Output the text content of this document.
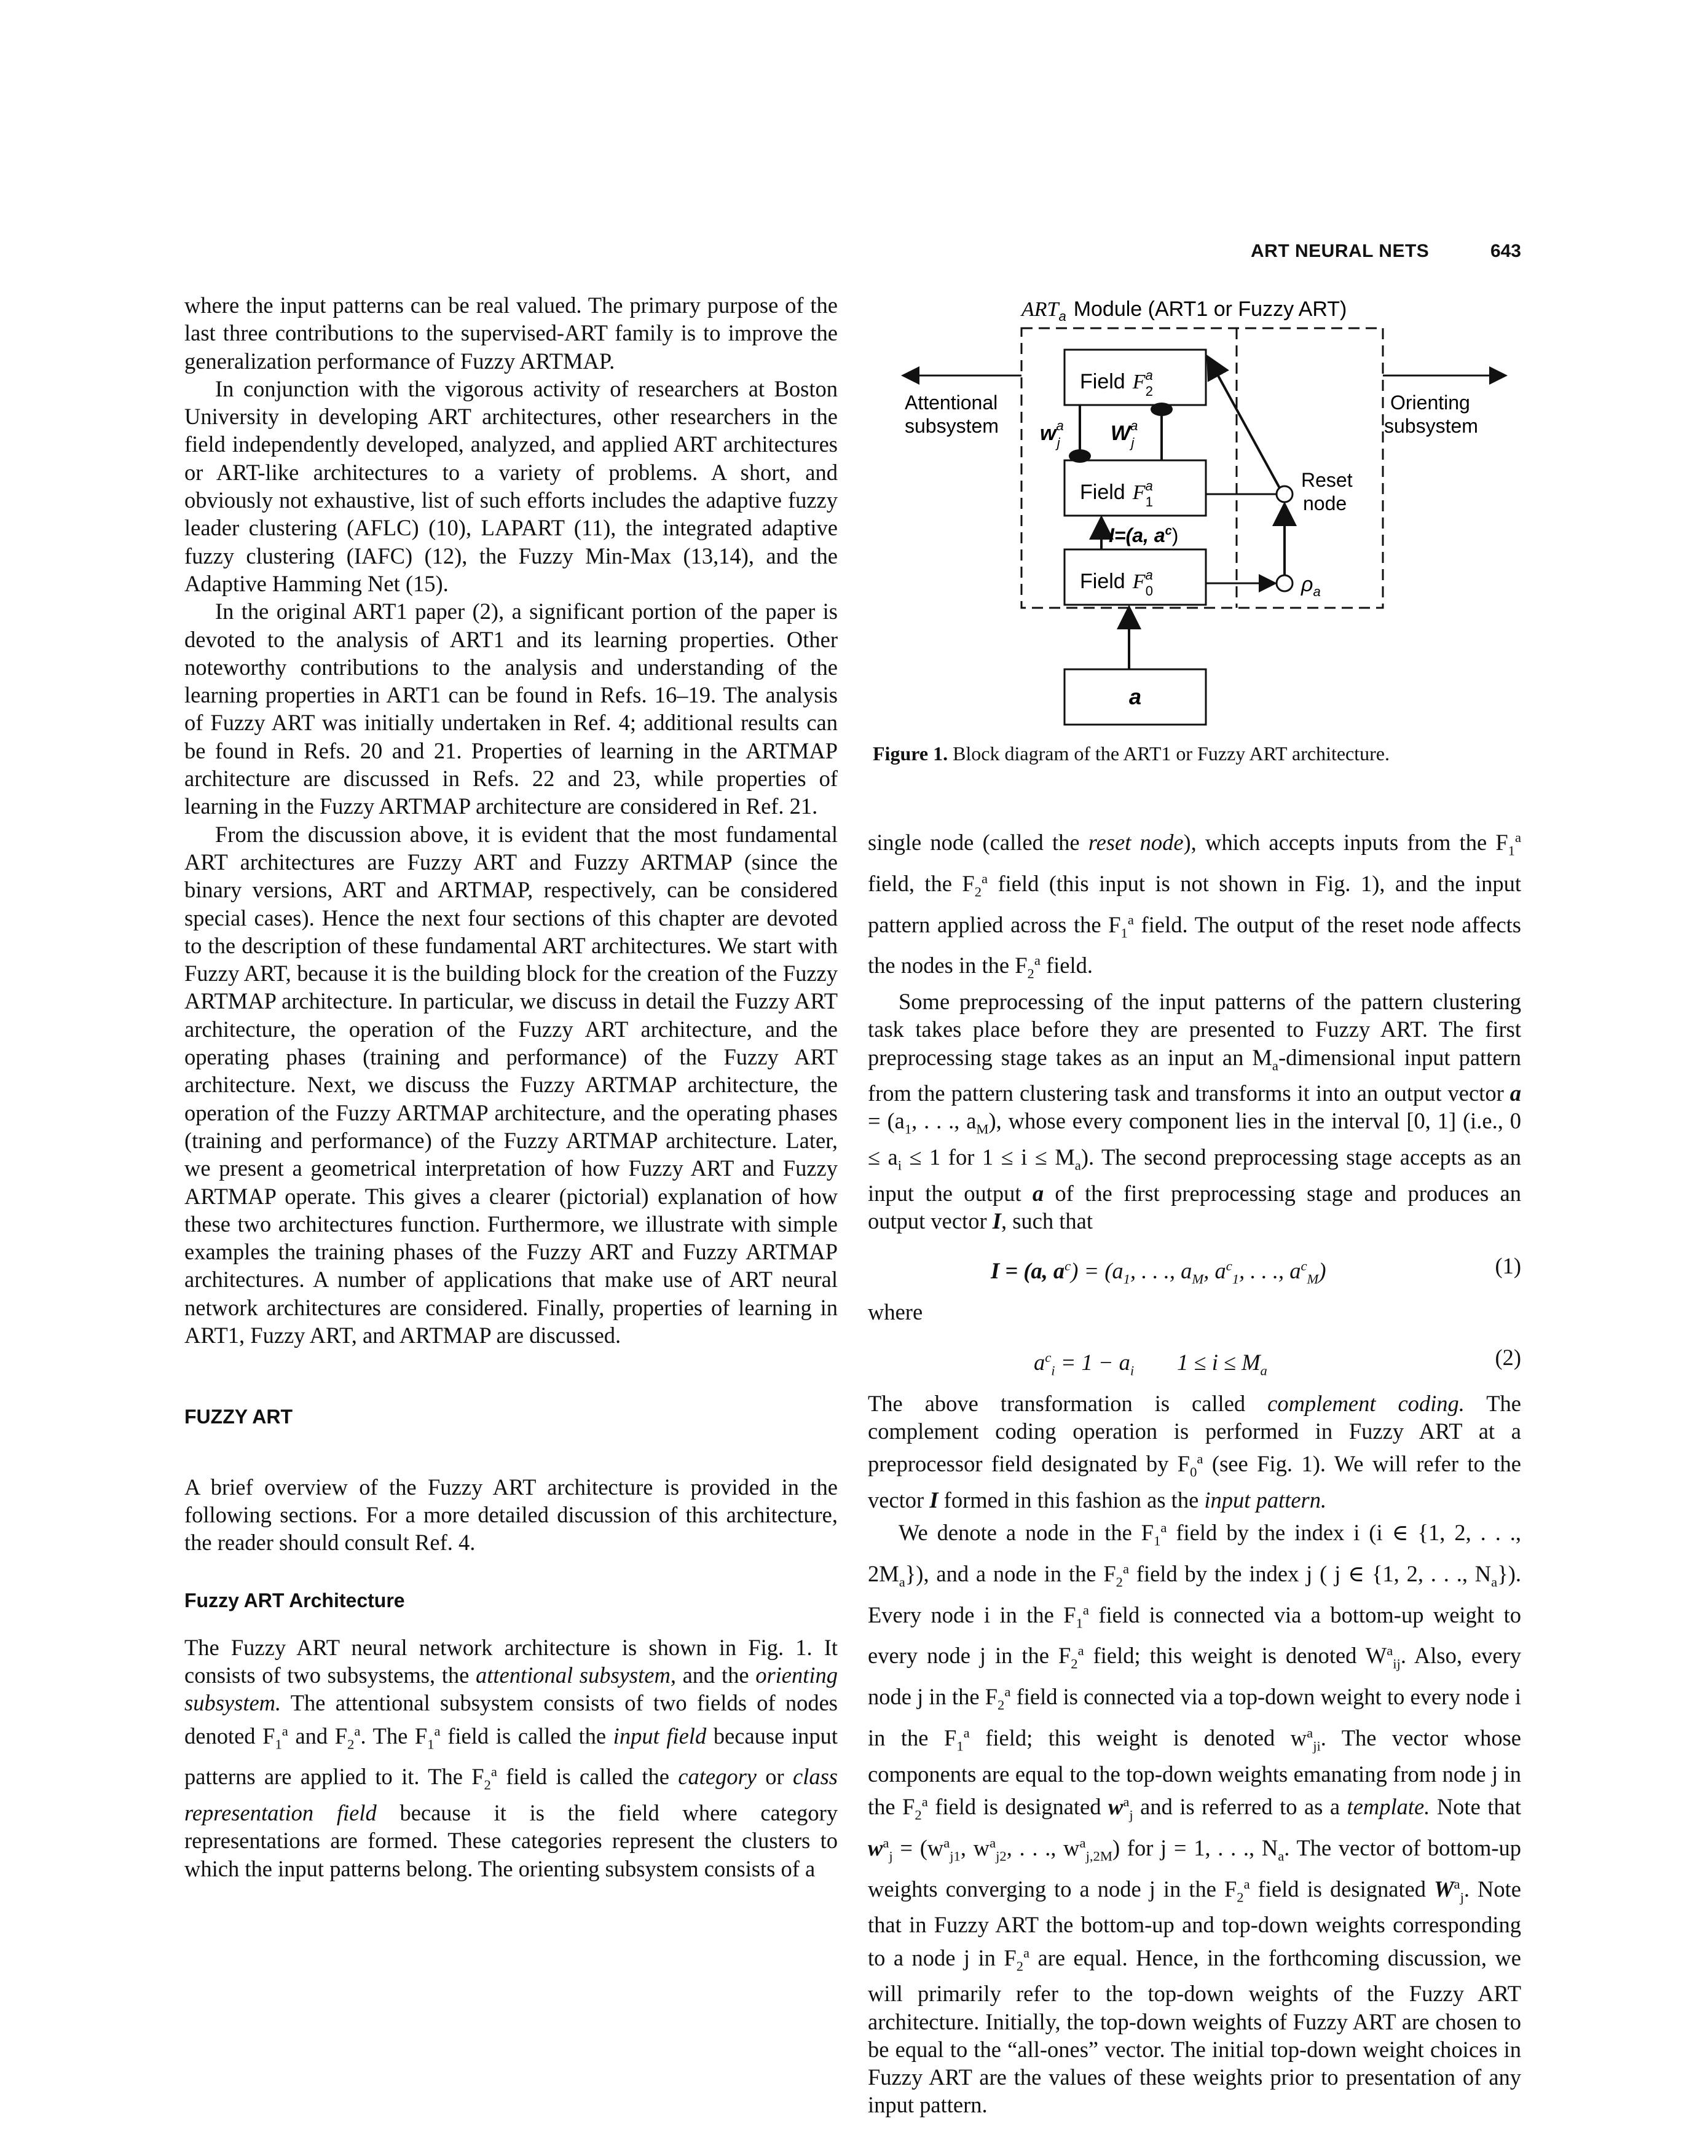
ART NEURAL NETS	643

where the input patterns can be real valued. The primary purpose of the last three contributions to the supervised-ART family is to improve the generalization performance of Fuzzy ARTMAP.

In conjunction with the vigorous activity of researchers at Boston University in developing ART architectures, other researchers in the field independently developed, analyzed, and applied ART architectures or ART-like architectures to a variety of problems. A short, and obviously not exhaustive, list of such efforts includes the adaptive fuzzy leader clustering (AFLC) (10), LAPART (11), the integrated adaptive fuzzy clustering (IAFC) (12), the Fuzzy Min-Max (13,14), and the Adaptive Hamming Net (15).

In the original ART1 paper (2), a significant portion of the paper is devoted to the analysis of ART1 and its learning properties. Other noteworthy contributions to the analysis and understanding of the learning properties in ART1 can be found in Refs. 16–19. The analysis of Fuzzy ART was initially undertaken in Ref. 4; additional results can be found in Refs. 20 and 21. Properties of learning in the ARTMAP architecture are discussed in Refs. 22 and 23, while properties of learning in the Fuzzy ARTMAP architecture are considered in Ref. 21.

From the discussion above, it is evident that the most fundamental ART architectures are Fuzzy ART and Fuzzy ARTMAP (since the binary versions, ART and ARTMAP, respectively, can be considered special cases). Hence the next four sections of this chapter are devoted to the description of these fundamental ART architectures. We start with Fuzzy ART, because it is the building block for the creation of the Fuzzy ARTMAP architecture. In particular, we discuss in detail the Fuzzy ART architecture, the operation of the Fuzzy ART architecture, and the operating phases (training and performance) of the Fuzzy ART architecture. Next, we discuss the Fuzzy ARTMAP architecture, the operation of the Fuzzy ARTMAP architecture, and the operating phases (training and performance) of the Fuzzy ARTMAP architecture. Later, we present a geometrical interpretation of how Fuzzy ART and Fuzzy ARTMAP operate. This gives a clearer (pictorial) explanation of how these two architectures function. Furthermore, we illustrate with simple examples the training phases of the Fuzzy ART and Fuzzy ARTMAP architectures. A number of applications that make use of ART neural network architectures are considered. Finally, properties of learning in ART1, Fuzzy ART, and ARTMAP are discussed.

FUZZY ART

A brief overview of the Fuzzy ART architecture is provided in the following sections. For a more detailed discussion of this architecture, the reader should consult Ref. 4.

Fuzzy ART Architecture

The Fuzzy ART neural network architecture is shown in Fig. 1. It consists of two subsystems, the attentional subsystem, and the orienting subsystem. The attentional subsystem consists of two fields of nodes denoted $F_1^a$ and $F_2^a$. The $F_1^a$ field is called the input field because input patterns are applied to it. The $F_2^a$ field is called the category or class representation field because it is the field where category representations are formed. These categories represent the clusters to which the input patterns belong. The orienting subsystem consists of a

$ART_a$ Module (ART1 or Fuzzy ART)
Attentional
subsystem
Orienting
subsystem
Field $F^a$ 2
Field $F^a$ 1
Field $F^a$ 0
a
$w^a$ j $W^a$ j
I=(a, $a^c$)
Reset
node
$\rho_a$
Figure 1. Block diagram of the ART1 or Fuzzy ART architecture.

single node (called the reset node), which accepts inputs from the $F_1^a$ field, the $F_2^a$ field (this input is not shown in Fig. 1), and the input pattern applied across the $F_1^a$ field. The output of the reset node affects the nodes in the $F_2^a$ field.

Some preprocessing of the input patterns of the pattern clustering task takes place before they are presented to Fuzzy ART. The first preprocessing stage takes as an input an $M_a$-dimensional input pattern from the pattern clustering task and transforms it into an output vector $a = (a_1$, . . ., $a_M$), whose every component lies in the interval [0, 1] (i.e., $0 \le a_i \le 1$ for $1 \le i \le M_a$). The second preprocessing stage accepts as an input the output a of the first preprocessing stage and produces an output vector I, such that

I = (a, $a^c) = (a_1$, . . ., $a_M$, $a^c_1$, . . ., $a^c_M$)	(1)

where

$a^c_i = 1 - a_i$ $1 \le i \le M_a$
(2)

The above transformation is called complement coding. The complement coding operation is performed in Fuzzy ART at a preprocessor field designated by $F_0^a$ (see Fig. 1). We will refer to the vector I formed in this fashion as the input pattern.

We denote a node in the $F_1^a$ field by the index i (i ∈ {1, 2, . . ., $2M_a$}), and a node in the $F_2^a$ field by the index j ( j ∈ {1, 2, . . ., $N_a$}). Every node i in the $F_1^a$ field is connected via a bottom-up weight to every node j in the $F_2^a$ field; this weight is denoted $W^a_{ij}$. Also, every node j in the $F_2^a$ field is connected via a top-down weight to every node i in the $F_1^a$ field; this weight is denoted $w^a_{ji}$. The vector whose components are equal to the top-down weights emanating from node j in the $F_2^a$ field is designated $w^a_j$ and is referred to as a template. Note that $w^a_j = (w^a_{j1}$, $w^a_{j2}$, . . ., $w^a_{j,2M}$) for j = 1, . . ., $N_a$. The vector of bottom-up weights converging to a node j in the $F_2^a$ field is designated $W^a_j$. Note that in Fuzzy ART the bottom-up and top-down weights corresponding to a node j in $F_2^a$ are equal. Hence, in the forthcoming discussion, we will primarily refer to the top-down weights of the Fuzzy ART architecture. Initially, the top-down weights of Fuzzy ART are chosen to be equal to the “all-ones” vector. The initial top-down weight choices in Fuzzy ART are the values of these weights prior to presentation of any input pattern.
